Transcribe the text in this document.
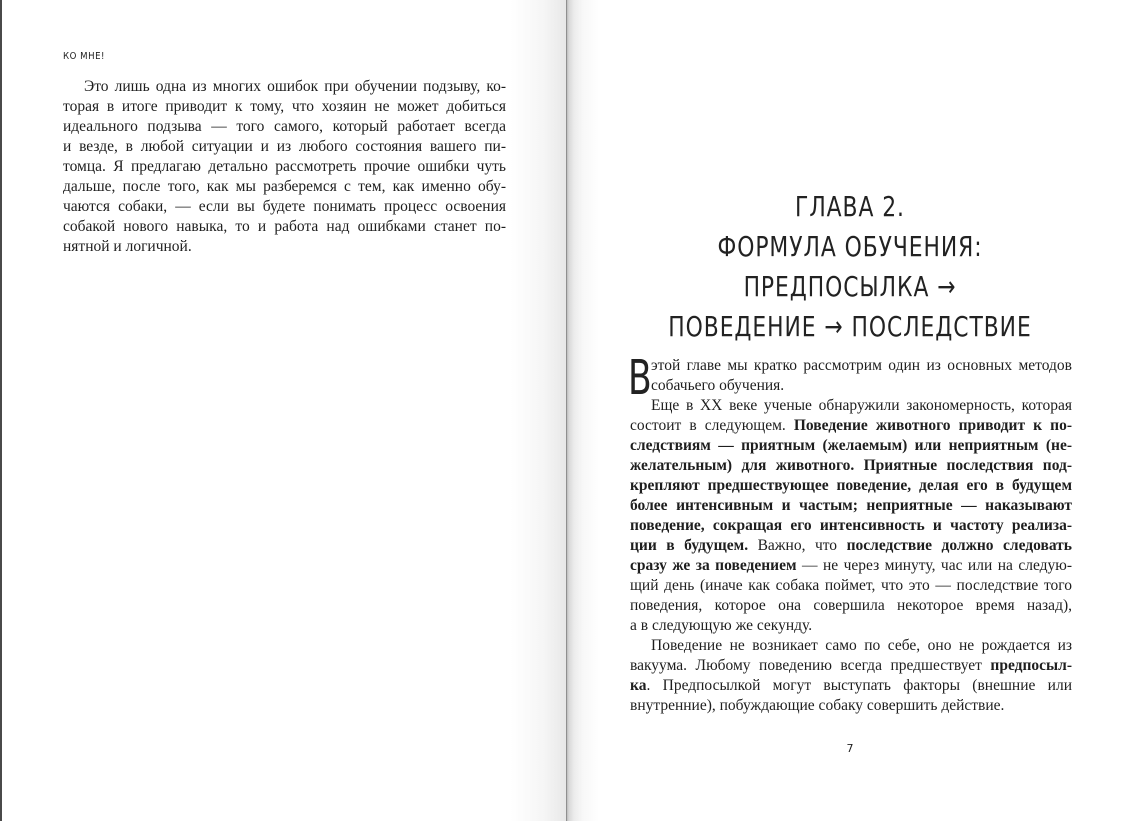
КО МНЕ!
Это лишь одна из многих ошибок при обучении подзыву, ко-
торая в итоге приводит к тому, что хозяин не может добиться
идеального подзыва — того самого, который работает всегда
и везде, в любой ситуации и из любого состояния вашего пи-
томца. Я предлагаю детально рассмотреть прочие ошибки чуть
дальше, после того, как мы разберемся с тем, как именно обу-
чаются собаки, — если вы будете понимать процесс освоения
собакой нового навыка, то и работа над ошибками станет по-
нятной и логичной.
ГЛАВА 2.
ФОРМУЛА ОБУЧЕНИЯ:
ПРЕДПОСЫЛКА →
ПОВЕДЕНИЕ → ПОСЛЕДСТВИЕ
В этой главе мы кратко рассмотрим один из основных методов
собачьего обучения.
Еще в XX веке ученые обнаружили закономерность, которая
состоит в следующем. Поведение животного приводит к по-
следствиям — приятным (желаемым) или неприятным (не-
желательным) для животного. Приятные последствия под-
крепляют предшествующее поведение, делая его в будущем
более интенсивным и частым; неприятные — наказывают
поведение, сокращая его интенсивность и частоту реализа-
ции в будущем. Важно, что последствие должно следовать
сразу же за поведением — не через минуту, час или на следую-
щий день (иначе как собака поймет, что это — последствие того
поведения, которое она совершила некоторое время назад),
а в следующую же секунду.
Поведение не возникает само по себе, оно не рождается из
вакуума. Любому поведению всегда предшествует предпосыл-
ка. Предпосылкой могут выступать факторы (внешние или
внутренние), побуждающие собаку совершить действие.
7
